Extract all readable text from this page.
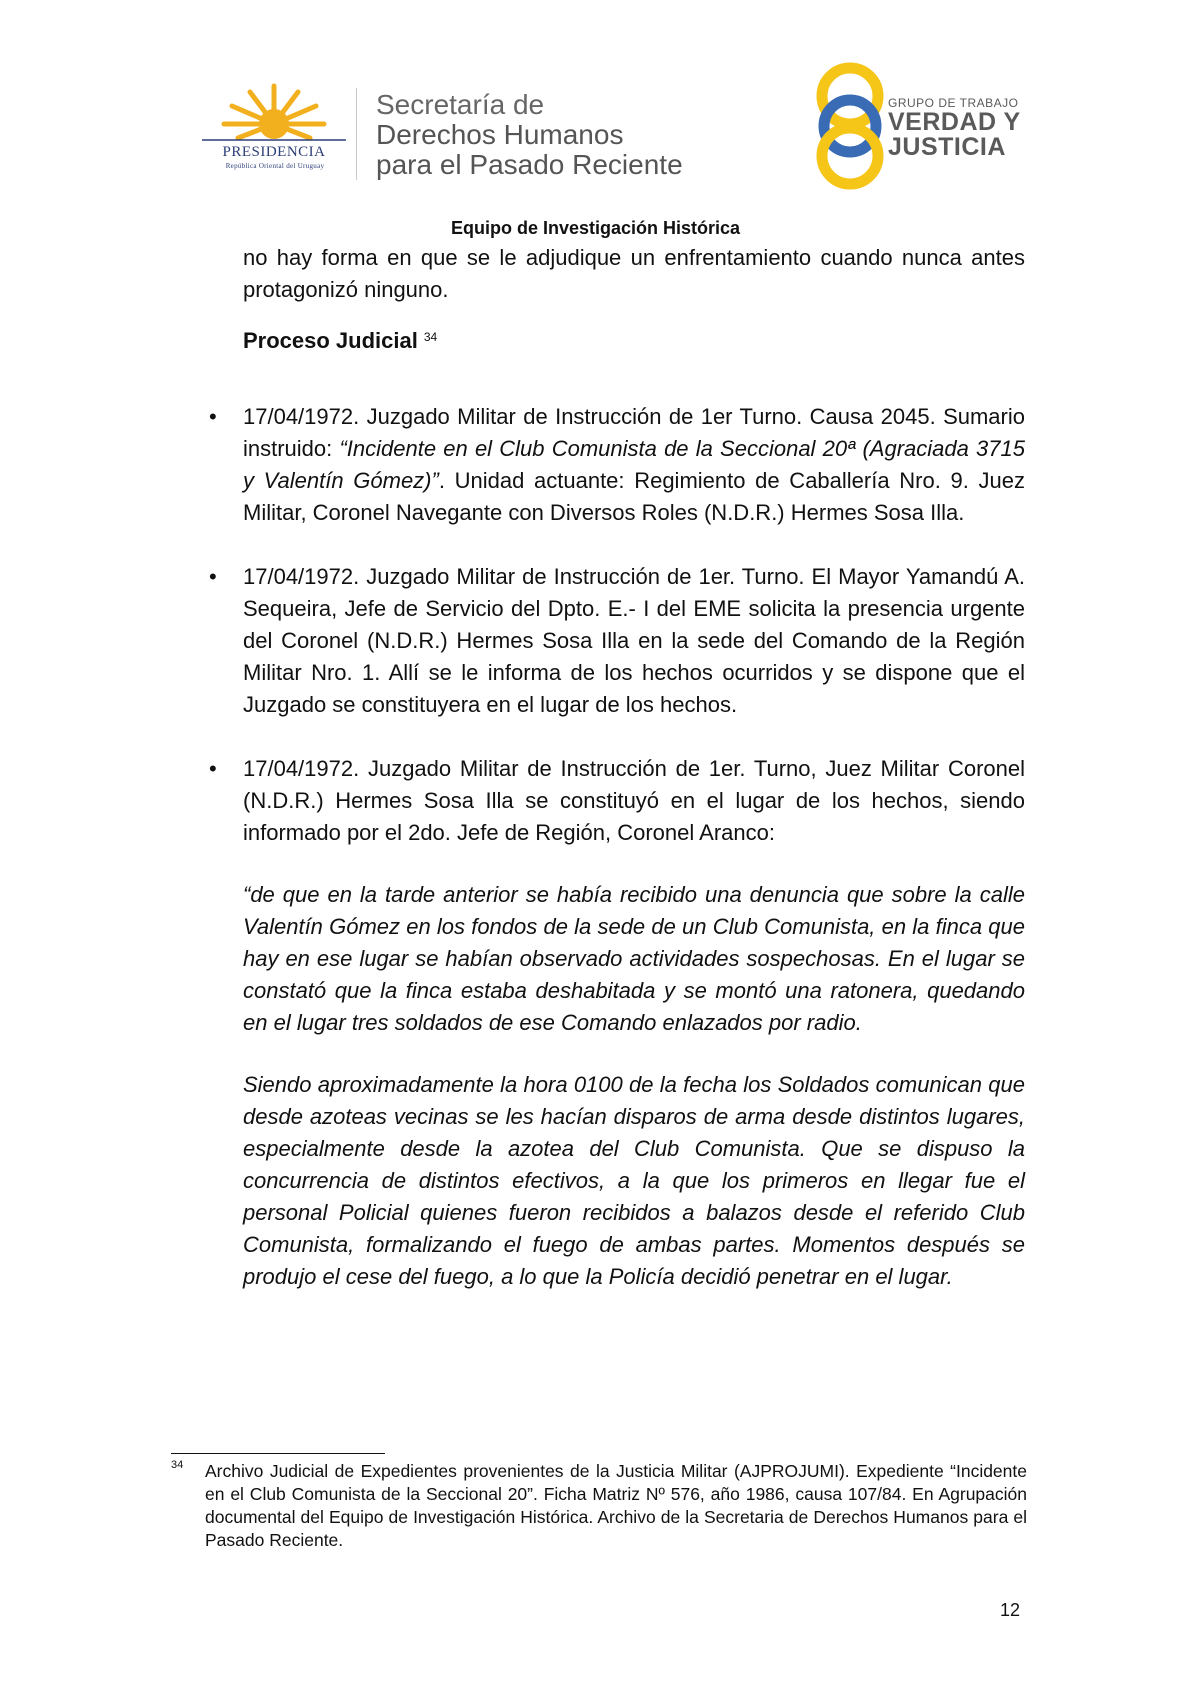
PRESIDENCIA
República Oriental del Uruguay
Secretaría de
Derechos Humanos
para el Pasado Reciente
GRUPO DE TRABAJO
VERDAD Y
JUSTICIA
Equipo de Investigación Histórica

no hay forma en que se le adjudique un enfrentamiento cuando nunca antes protagonizó ninguno.

Proceso Judicial $^{34}$

• 17/04/1972. Juzgado Militar de Instrucción de 1er Turno. Causa 2045. Sumario instruido: “Incidente en el Club Comunista de la Seccional 20ª (Agraciada 3715 y Valentín Gómez)”. Unidad actuante: Regimiento de Caballería Nro. 9. Juez Militar, Coronel Navegante con Diversos Roles (N.D.R.) Hermes Sosa Illa.
• 17/04/1972. Juzgado Militar de Instrucción de 1er. Turno. El Mayor Yamandú A. Sequeira, Jefe de Servicio del Dpto. E.- I del EME solicita la presencia urgente del Coronel (N.D.R.) Hermes Sosa Illa en la sede del Comando de la Región Militar Nro. 1. Allí se le informa de los hechos ocurridos y se dispone que el Juzgado se constituyera en el lugar de los hechos.
• 17/04/1972. Juzgado Militar de Instrucción de 1er. Turno, Juez Militar Coronel (N.D.R.) Hermes Sosa Illa se constituyó en el lugar de los hechos, siendo informado por el 2do. Jefe de Región, Coronel Aranco:

“de que en la tarde anterior se había recibido una denuncia que sobre la calle Valentín Gómez en los fondos de la sede de un Club Comunista, en la finca que hay en ese lugar se habían observado actividades sospechosas. En el lugar se constató que la finca estaba deshabitada y se montó una ratonera, quedando en el lugar tres soldados de ese Comando enlazados por radio.

Siendo aproximadamente la hora 0100 de la fecha los Soldados comunican que desde azoteas vecinas se les hacían disparos de arma desde distintos lugares, especialmente desde la azotea del Club Comunista. Que se dispuso la concurrencia de distintos efectivos, a la que los primeros en llegar fue el personal Policial quienes fueron recibidos a balazos desde el referido Club Comunista, formalizando el fuego de ambas partes. Momentos después se produjo el cese del fuego, a lo que la Policía decidió penetrar en el lugar.

34 Archivo Judicial de Expedientes provenientes de la Justicia Militar (AJPROJUMI). Expediente “Incidente en el Club Comunista de la Seccional 20”. Ficha Matriz Nº 576, año 1986, causa 107/84. En Agrupación documental del Equipo de Investigación Histórica. Archivo de la Secretaria de Derechos Humanos para el Pasado Reciente.
12
